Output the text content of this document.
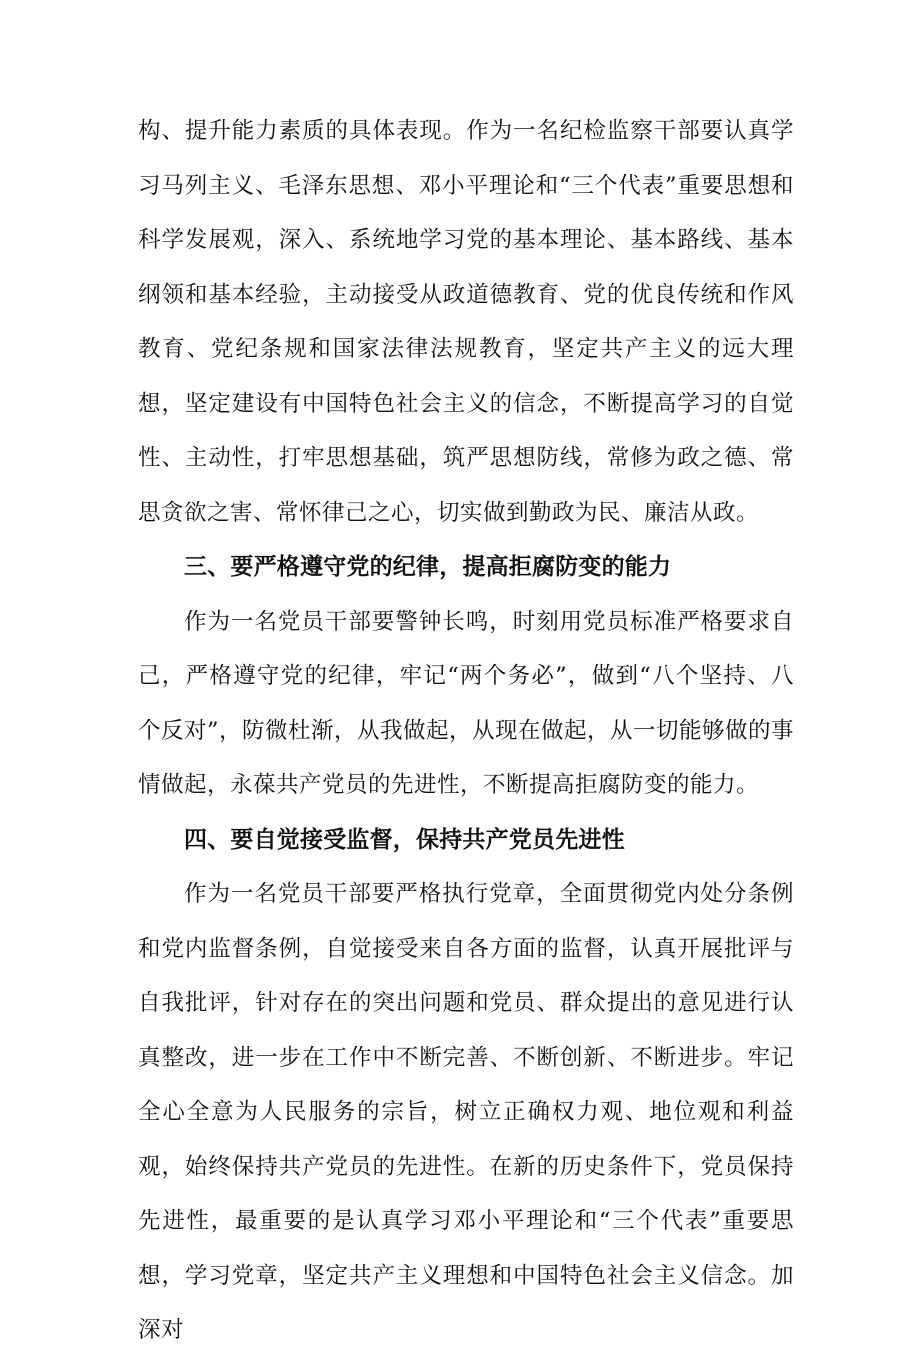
构、提升能力素质的具体表现。作为一名纪检监察干部要认真学习马列主义、毛泽东思想、邓小平理论和“三个代表”重要思想和科学发展观，深入、系统地学习党的基本理论、基本路线、基本纲领和基本经验，主动接受从政道德教育、党的优良传统和作风教育、党纪条规和国家法律法规教育，坚定共产主义的远大理想，坚定建设有中国特色社会主义的信念，不断提高学习的自觉性、主动性，打牢思想基础，筑严思想防线，常修为政之德、常思贪欲之害、常怀律己之心，切实做到勤政为民、廉洁从政。

三、要严格遵守党的纪律，提高拒腐防变的能力

作为一名党员干部要警钟长鸣，时刻用党员标准严格要求自己，严格遵守党的纪律，牢记“两个务必”，做到“八个坚持、八个反对”，防微杜渐，从我做起，从现在做起，从一切能够做的事情做起，永葆共产党员的先进性，不断提高拒腐防变的能力。

四、要自觉接受监督，保持共产党员先进性

作为一名党员干部要严格执行党章，全面贯彻党内处分条例和党内监督条例，自觉接受来自各方面的监督，认真开展批评与自我批评，针对存在的突出问题和党员、群众提出的意见进行认真整改，进一步在工作中不断完善、不断创新、不断进步。牢记全心全意为人民服务的宗旨，树立正确权力观、地位观和利益观，始终保持共产党员的先进性。在新的历史条件下，党员保持先进性，最重要的是认真学习邓小平理论和“三个代表”重要思想，学习党章，坚定共产主义理想和中国特色社会主义信念。加深对
